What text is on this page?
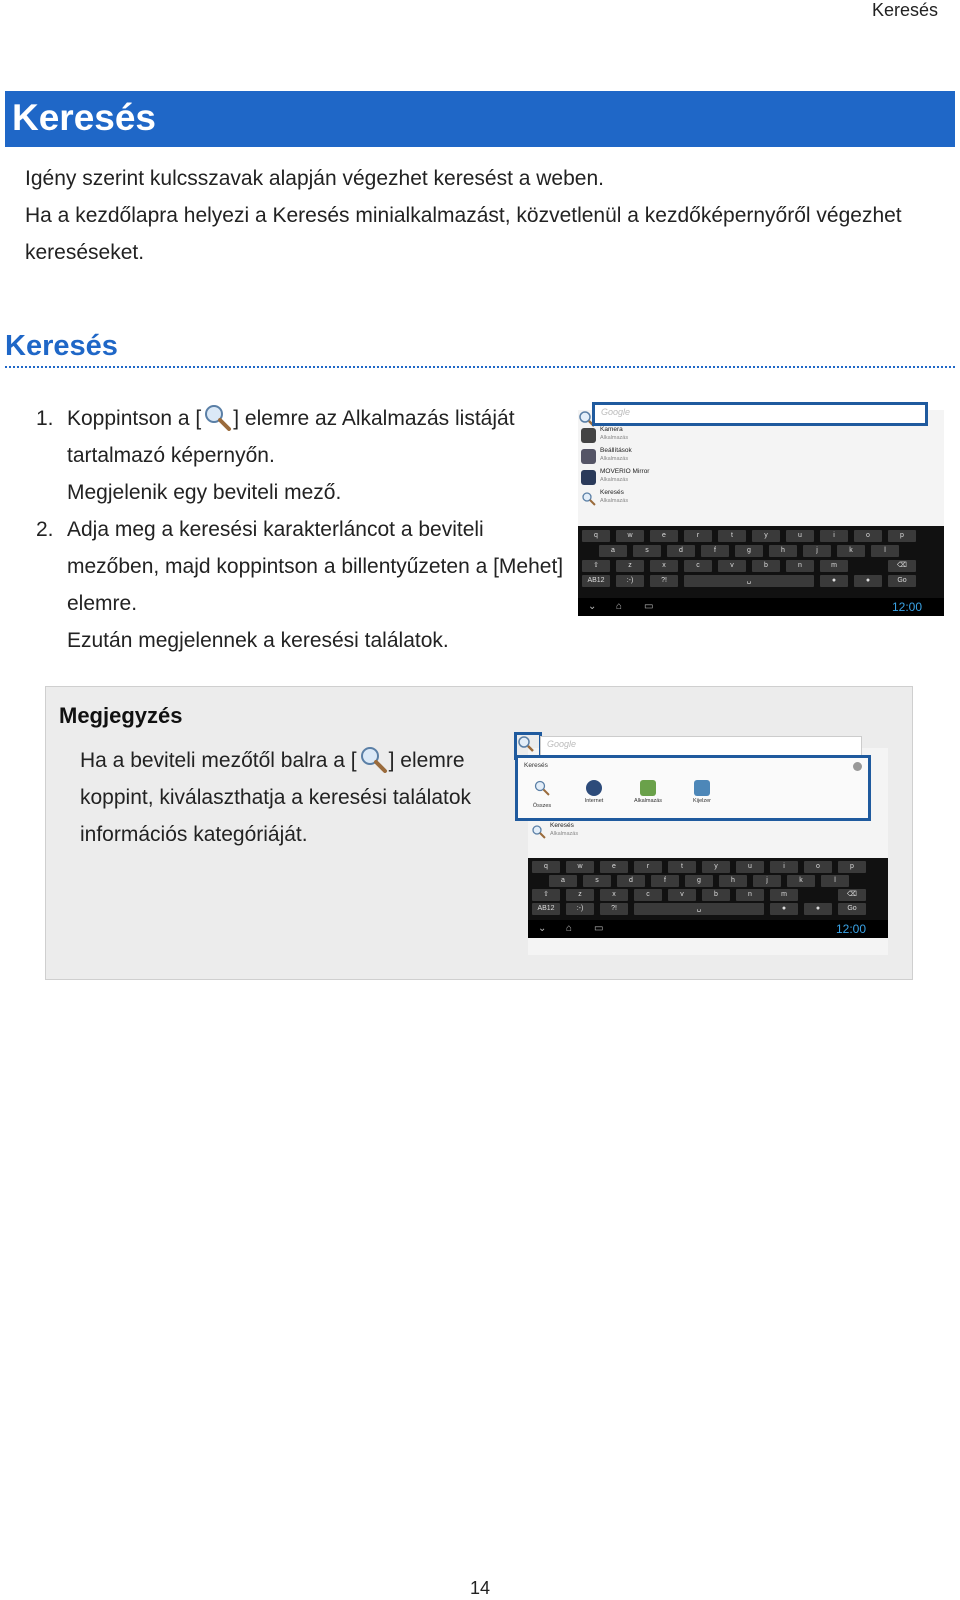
Keresés
Keresés

Igény szerint kulcsszavak alapján végezhet keresést a weben.

Ha a kezdőlapra helyezi a Keresés minialkalmazást, közvetlenül a kezdőképernyőről végezhet kereséseket.

Keresés
1. Koppintson a [ ] elemre az Alkalmazás listáját tartalmazó képernyőn.

Megjelenik egy beviteli mező.

2. Adja meg a keresési karakterláncot a beviteli mezőben, majd koppintson a billentyűzeten a [Mehet] elemre.

Ezután megjelennek a keresési találatok.

Google
Kamera
Alkalmazás
Beállítások
Alkalmazás
MOVERIO Mirror
Alkalmazás
Keresés
Alkalmazás
q	w	e	r	t	y	u	i	o	p
a	s	d	f	g	h	j	k	l
⇧	z	x	c	v	b	n	m	⌫
AB12	:-)	?!	␣	●	●	Go
⌄ ⌂ ▭	12:00
Megjegyzés

Ha a beviteli mezőtől balra a [ ] elemre koppint, kiválaszthatja a keresési találatok információs kategóriáját.

Google
Keresés
Összes
Internet	Alkalmazás	Kijelzer
Keresés
Alkalmazás
q	w	e	r	t	y	u	i	o	p
a	s	d	f	g	h	j	k	l
⇧	z	x	c	v	b	n	m	⌫
AB12	:-)	?!	␣	●	●	Go
⌄ ⌂ ▭	12:00
14
